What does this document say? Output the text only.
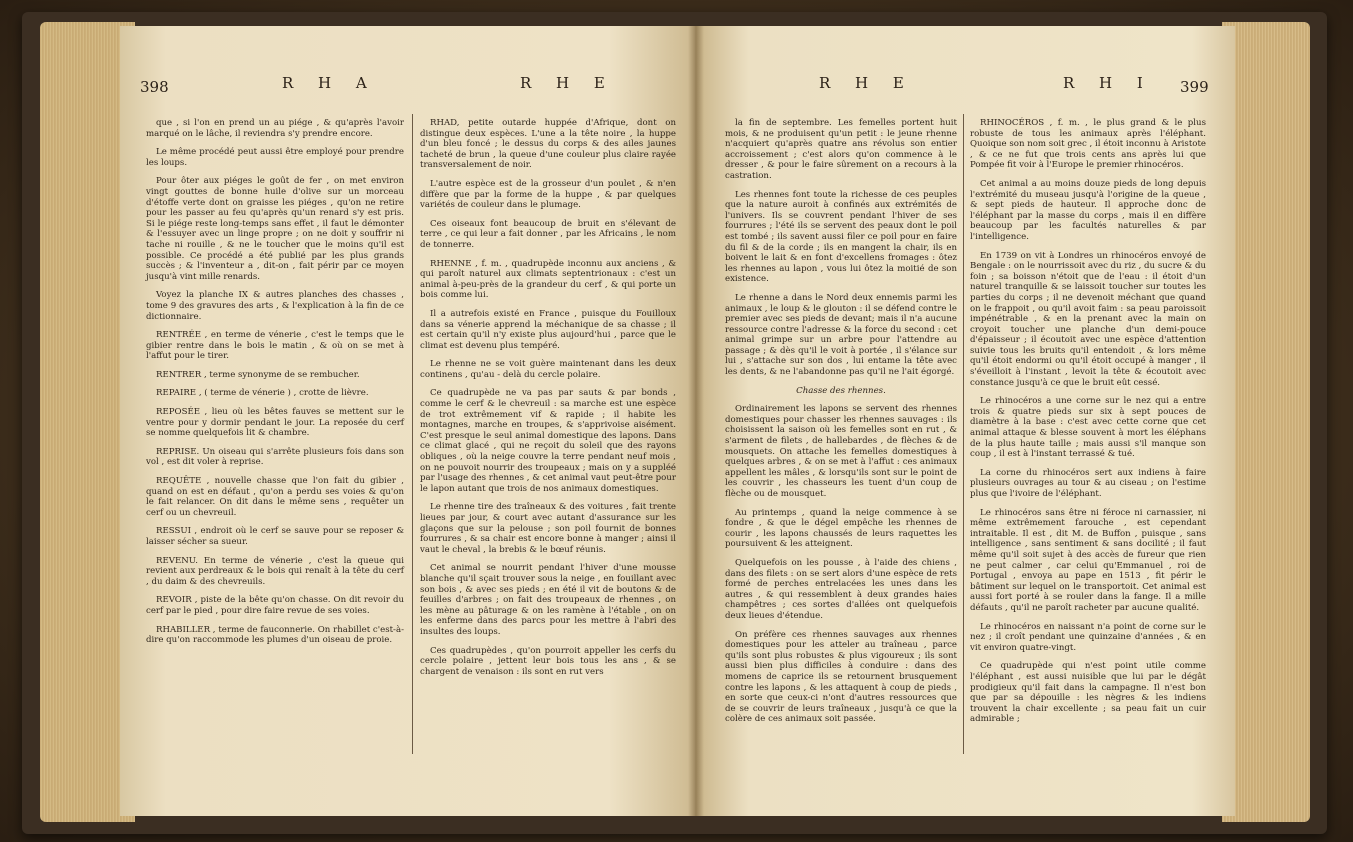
398	R H A	R H E

que , si l'on en prend un au piége , & qu'après l'avoir marqué on le lâche, il reviendra s'y prendre encore.

Le même procédé peut aussi être employé pour prendre les loups.

Pour ôter aux piéges le goût de fer , on met environ vingt gouttes de bonne huile d'olive sur un morceau d'étoffe verte dont on graisse les piéges , qu'on ne retire pour les passer au feu qu'après qu'un renard s'y est pris. Si le piége reste long-temps sans effet , il faut le démonter & l'essuyer avec un linge propre ; on ne doit y souffrir ni tache ni rouille , & ne le toucher que le moins qu'il est possible. Ce procédé a été publié par les plus grands succès ; & l'inventeur a , dit-on , fait périr par ce moyen jusqu'à vint mille renards.

Voyez la planche IX & autres planches des chasses , tome 9 des gravures des arts , & l'explication à la fin de ce dictionnaire.

RENTRÉE , en terme de vénerie , c'est le temps que le gibier rentre dans le bois le matin , & où on se met à l'affut pour le tirer.

RENTRER , terme synonyme de se rembucher.

REPAIRE , ( terme de vénerie ) , crotte de lièvre.

REPOSÉE , lieu où les bêtes fauves se mettent sur le ventre pour y dormir pendant le jour. La reposée du cerf se nomme quelquefois lit & chambre.

REPRISE. Un oiseau qui s'arrête plusieurs fois dans son vol , est dit voler à reprise.

REQUÊTE , nouvelle chasse que l'on fait du gibier , quand on est en défaut , qu'on a perdu ses voies & qu'on le fait relancer. On dit dans le même sens , requêter un cerf ou un chevreuil.

RESSUI , endroit où le cerf se sauve pour se reposer & laisser sécher sa sueur.

REVENU. En terme de vénerie , c'est la queue qui revient aux perdreaux & le bois qui renaît à la tête du cerf , du daim & des chevreuils.

REVOIR , piste de la bête qu'on chasse. On dit revoir du cerf par le pied , pour dire faire revue de ses voies.

RHABILLER , terme de fauconnerie. On rhabillet c'est-à-dire qu'on raccommode les plumes d'un oiseau de proie.

RHAD, petite outarde huppée d'Afrique, dont on distingue deux espèces. L'une a la tête noire , la huppe d'un bleu foncé ; le dessus du corps & des ailes jaunes tacheté de brun , la queue d'une couleur plus claire rayée transversalement de noir.

L'autre espèce est de la grosseur d'un poulet , & n'en diffère que par la forme de la huppe , & par quelques variétés de couleur dans le plumage.

Ces oiseaux font beaucoup de bruit en s'élevant de terre , ce qui leur a fait donner , par les Africains , le nom de tonnerre.

RHENNE , f. m. , quadrupède inconnu aux anciens , & qui paroît naturel aux climats septentrionaux : c'est un animal à-peu-près de la grandeur du cerf , & qui porte un bois comme lui.

Il a autrefois existé en France , puisque du Fouilloux dans sa vénerie apprend la méchanique de sa chasse ; il est certain qu'il n'y existe plus aujourd'hui , parce que le climat est devenu plus tempéré.

Le rhenne ne se voit guère maintenant dans les deux continens , qu'au - delà du cercle polaire.

Ce quadrupède ne va pas par sauts & par bonds , comme le cerf & le chevreuil : sa marche est une espèce de trot extrêmement vif & rapide ; il habite les montagnes, marche en troupes, & s'apprivoise aisément. C'est presque le seul animal domestique des lapons. Dans ce climat glacé , qui ne reçoit du soleil que des rayons obliques , où la neige couvre la terre pendant neuf mois , on ne pouvoit nourrir des troupeaux ; mais on y a suppléé par l'usage des rhennes , & cet animal vaut peut-être pour le lapon autant que trois de nos animaux domestiques.

Le rhenne tire des traîneaux & des voitures , fait trente lieues par jour, & court avec autant d'assurance sur les glaçons que sur la pelouse ; son poil fournit de bonnes fourrures , & sa chair est encore bonne à manger ; ainsi il vaut le cheval , la brebis & le bœuf réunis.

Cet animal se nourrit pendant l'hiver d'une mousse blanche qu'il sçait trouver sous la neige , en fouillant avec son bois , & avec ses pieds ; en été il vit de boutons & de feuilles d'arbres ; on fait des troupeaux de rhennes , on les mène au pâturage & on les ramène à l'étable , on on les enferme dans des parcs pour les mettre à l'abri des insultes des loups.

Ces quadrupèdes , qu'on pourroit appeller les cerfs du cercle polaire , jettent leur bois tous les ans , & se chargent de venaison : ils sont en rut vers

R H E	R H I 399

la fin de septembre. Les femelles portent huit mois, & ne produisent qu'un petit : le jeune rhenne n'acquiert qu'après quatre ans révolus son entier accroissement ; c'est alors qu'on commence à le dresser , & pour le faire sûrement on a recours à la castration.

Les rhennes font toute la richesse de ces peuples que la nature auroit à confinés aux extrémités de l'univers. Ils se couvrent pendant l'hiver de ses fourrures ; l'été ils se servent des peaux dont le poil est tombé ; ils savent aussi filer ce poil pour en faire du fil & de la corde ; ils en mangent la chair, ils en boivent le lait & en font d'excellens fromages : ôtez les rhennes au lapon , vous lui ôtez la moitié de son existence.

Le rhenne a dans le Nord deux ennemis parmi les animaux , le loup & le glouton : il se défend contre le premier avec ses pieds de devant; mais il n'a aucune ressource contre l'adresse & la force du second : cet animal grimpe sur un arbre pour l'attendre au passage ; & dès qu'il le voit à portée , il s'élance sur lui , s'attache sur son dos , lui entame la tête avec les dents, & ne l'abandonne pas qu'il ne l'ait égorgé.

Chasse des rhennes.

Ordinairement les lapons se servent des rhennes domestiques pour chasser les rhennes sauvages : ils choisissent la saison où les femelles sont en rut , & s'arment de filets , de hallebardes , de flèches & de mousquets. On attache les femelles domestiques à quelques arbres , & on se met à l'affut : ces animaux appellent les mâles , & lorsqu'ils sont sur le point de les couvrir , les chasseurs les tuent d'un coup de flèche ou de mousquet.

Au printemps , quand la neige commence à se fondre , & que le dégel empêche les rhennes de courir , les lapons chaussés de leurs raquettes les poursuivent & les atteignent.

Quelquefois on les pousse , à l'aide des chiens , dans des filets : on se sert alors d'une espèce de rets formé de perches entrelacées les unes dans les autres , & qui ressemblent à deux grandes haies champêtres ; ces sortes d'allées ont quelquefois deux lieues d'étendue.

On préfère ces rhennes sauvages aux rhennes domestiques pour les atteler au traîneau , parce qu'ils sont plus robustes & plus vigoureux ; ils sont aussi bien plus difficiles à conduire : dans des momens de caprice ils se retournent brusquement contre les lapons , & les attaquent à coup de pieds , en sorte que ceux-ci n'ont d'autres ressources que de se couvrir de leurs traîneaux , jusqu'à ce que la colère de ces animaux soit passée.

RHINOCÉROS , f. m. , le plus grand & le plus robuste de tous les animaux après l'éléphant. Quoique son nom soit grec , il étoit inconnu à Aristote , & ce ne fut que trois cents ans après lui que Pompée fit voir à l'Europe le premier rhinocéros.

Cet animal a au moins douze pieds de long depuis l'extrémité du museau jusqu'à l'origine de la queue , & sept pieds de hauteur. Il approche donc de l'éléphant par la masse du corps , mais il en diffère beaucoup par les facultés naturelles & par l'intelligence.

En 1739 on vit à Londres un rhinocéros envoyé de Bengale : on le nourrissoit avec du riz , du sucre & du foin ; sa boisson n'étoit que de l'eau : il étoit d'un naturel tranquille & se laissoit toucher sur toutes les parties du corps ; il ne devenoit méchant que quand on le frappoit , ou qu'il avoit faim : sa peau paroissoit impénétrable , & en la prenant avec la main on croyoit toucher une planche d'un demi-pouce d'épaisseur ; il écoutoit avec une espèce d'attention suivie tous les bruits qu'il entendoit , & lors même qu'il étoit endormi ou qu'il étoit occupé à manger , il s'éveilloit à l'instant , levoit la tête & écoutoit avec constance jusqu'à ce que le bruit eût cessé.

Le rhinocéros a une corne sur le nez qui a entre trois & quatre pieds sur six à sept pouces de diamètre à la base : c'est avec cette corne que cet animal attaque & blesse souvent à mort les éléphans de la plus haute taille ; mais aussi s'il manque son coup , il est à l'instant terrassé & tué.

La corne du rhinocéros sert aux indiens à faire plusieurs ouvrages au tour & au ciseau ; on l'estime plus que l'ivoire de l'éléphant.

Le rhinocéros sans être ni féroce ni carnassier, ni même extrêmement farouche , est cependant intraitable. Il est , dit M. de Buffon , puisque , sans intelligence , sans sentiment & sans docilité ; il faut même qu'il soit sujet à des accès de fureur que rien ne peut calmer , car celui qu'Emmanuel , roi de Portugal , envoya au pape en 1513 , fit périr le bâtiment sur lequel on le transportoit. Cet animal est aussi fort porté à se rouler dans la fange. Il a mille défauts , qu'il ne paroît racheter par aucune qualité.

Le rhinocéros en naissant n'a point de corne sur le nez ; il croît pendant une quinzaine d'années , & en vit environ quatre-vingt.

Ce quadrupède qui n'est point utile comme l'éléphant , est aussi nuisible que lui par le dégât prodigieux qu'il fait dans la campagne. Il n'est bon que par sa dépouille : les nègres & les indiens trouvent la chair excellente ; sa peau fait un cuir admirable ;
